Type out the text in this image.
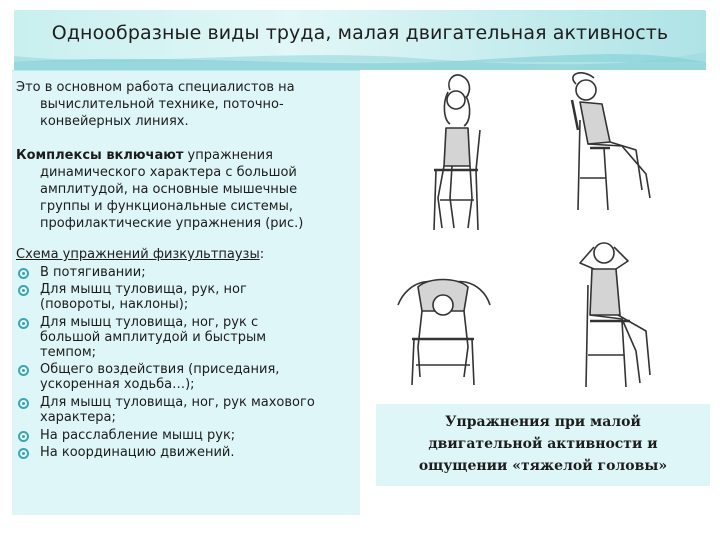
Однообразные виды труда, малая двигательная активность
Это в основном работа специалистов на
вычислительной технике, поточно-
конвейерных линиях.
Комплексы включают упражнения
динамического характера с большой
амплитудой, на основные мышечные
группы и функциональные системы,
профилактические упражнения (рис.)
Схема упражнений физкультпаузы:
В потягивании;
Для мышц туловища, рук, ног
(повороты, наклоны);
Для мышц туловища, ног, рук с
большой амплитудой и быстрым
темпом;
Общего воздействия (приседания,
ускоренная ходьба…);
Для мышц туловища, ног, рук махового
характера;
На расслабление мышц рук;
На координацию движений.
Упражнения при малой
двигательной активности и
ощущении «тяжелой головы»
